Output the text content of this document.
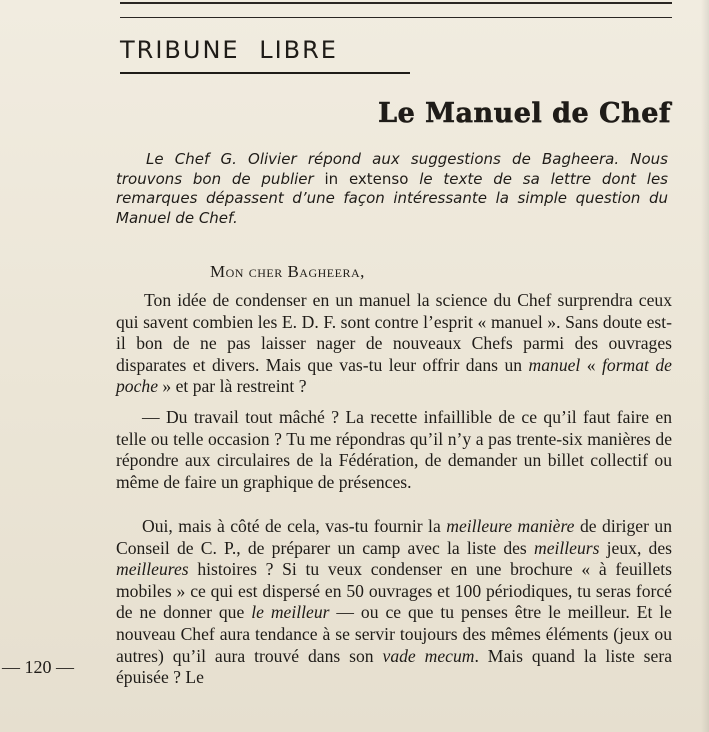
TRIBUNE LIBRE
Le Manuel de Chef

Le Chef G. Olivier répond aux suggestions de Bagheera. Nous trouvons bon de publier in extenso le texte de sa lettre dont les remarques dépassent d’une façon intéressante la simple question du Manuel de Chef.

Mon cher Bagheera,

Ton idée de condenser en un manuel la science du Chef surprendra ceux qui savent combien les E. D. F. sont contre l’esprit « manuel ». Sans doute est-il bon de ne pas laisser nager de nouveaux Chefs parmi des ouvrages disparates et divers. Mais que vas-tu leur offrir dans un manuel « format de poche » et par là restreint ?

— Du travail tout mâché ? La recette infaillible de ce qu’il faut faire en telle ou telle occasion ? Tu me répondras qu’il n’y a pas trente-six manières de répondre aux circulaires de la Fédération, de demander un billet collectif ou même de faire un graphique de présences.

Oui, mais à côté de cela, vas-tu fournir la meilleure manière de diriger un Conseil de C. P., de préparer un camp avec la liste des meilleurs jeux, des meilleures histoires ? Si tu veux condenser en une brochure « à feuillets mobiles » ce qui est dispersé en 50 ouvrages et 100 périodiques, tu seras forcé de ne donner que le meilleur — ou ce que tu penses être le meilleur. Et le nouveau Chef aura tendance à se servir toujours des mêmes éléments (jeux ou autres) qu’il aura trouvé dans son vade mecum. Mais quand la liste sera épuisée ? Le

— 120 —
